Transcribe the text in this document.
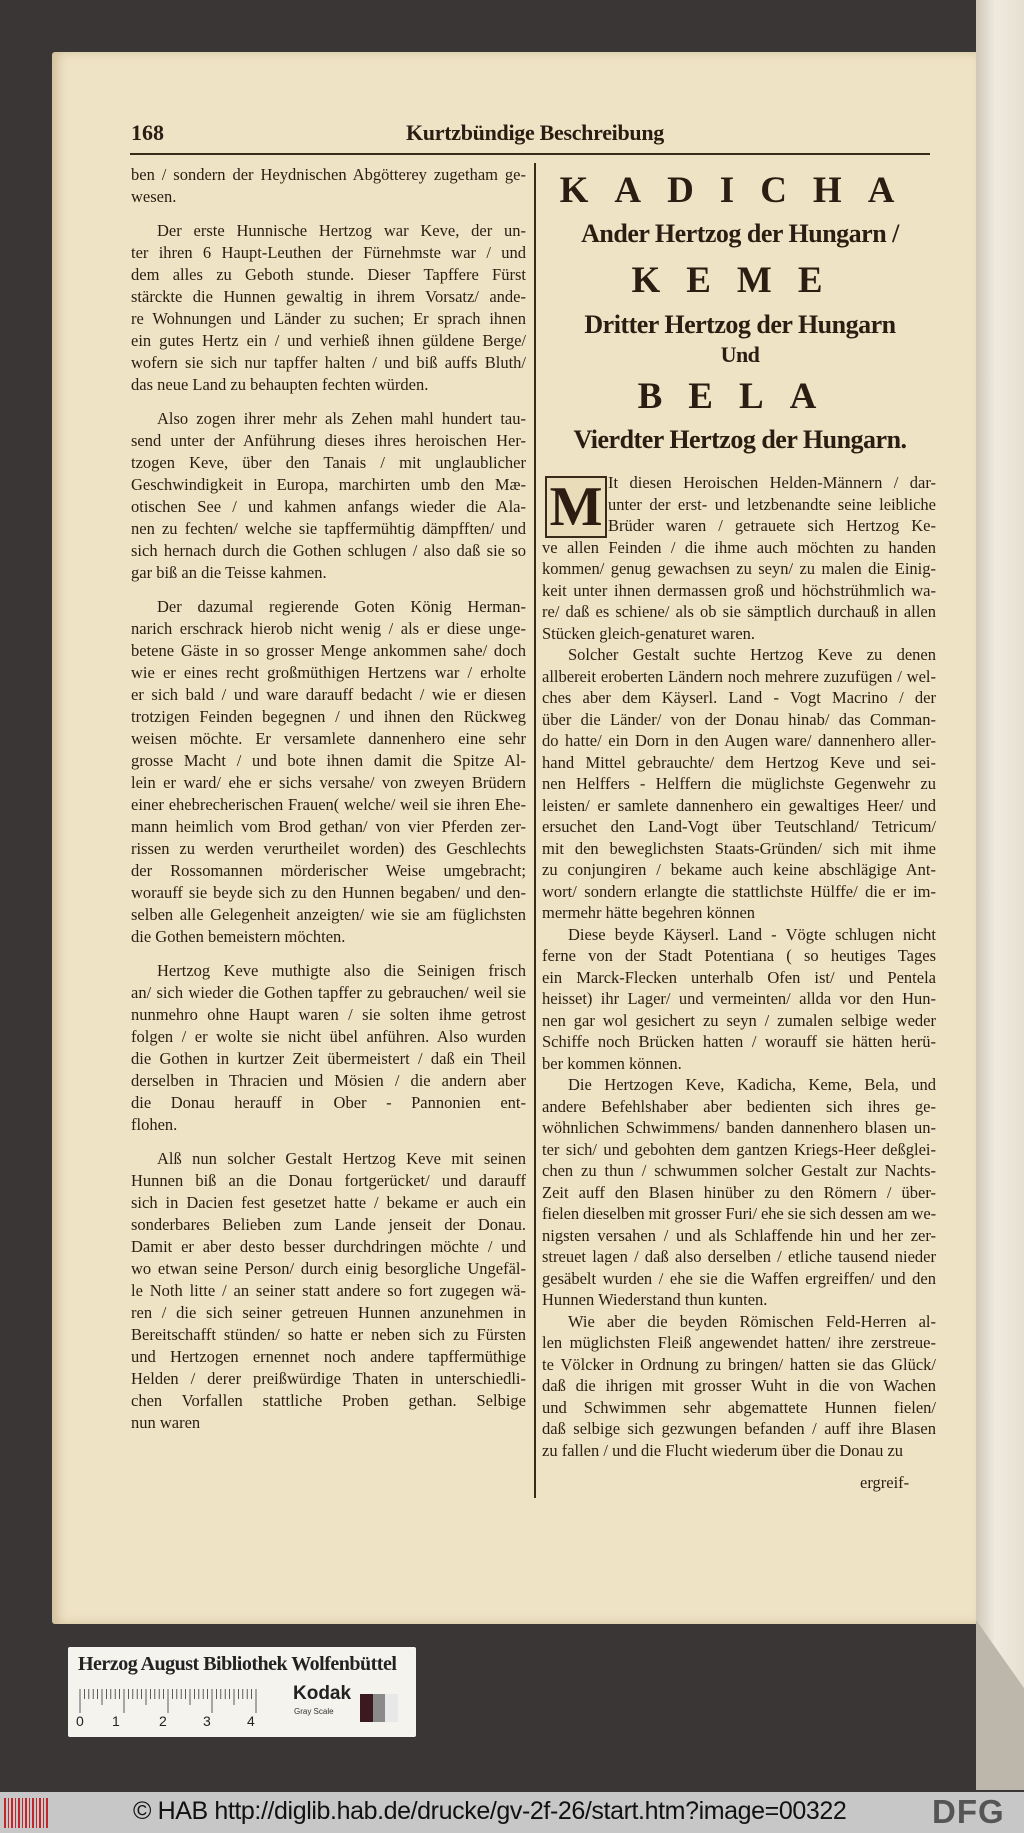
168	Kurtzbündige Beschreibung
ben / sondern der Heydnischen Abgötterey zugetham ge-
wesen.
Der erste Hunnische Hertzog war Keve, der un-
ter ihren 6 Haupt-Leuthen der Fürnehmste war / und
dem alles zu Geboth stunde. Dieser Tapffere Fürst
stärckte die Hunnen gewaltig in ihrem Vorsatz/ ande-
re Wohnungen und Länder zu suchen; Er sprach ihnen
ein gutes Hertz ein / und verhieß ihnen güldene Berge/
wofern sie sich nur tapffer halten / und biß auffs Bluth/
das neue Land zu behaupten fechten würden.
Also zogen ihrer mehr als Zehen mahl hundert tau-
send unter der Anführung dieses ihres heroischen Her-
tzogen Keve, über den Tanais / mit unglaublicher
Geschwindigkeit in Europa, marchirten umb den Mæ-
otischen See / und kahmen anfangs wieder die Ala-
nen zu fechten/ welche sie tapffermühtig dämpfften/ und
sich hernach durch die Gothen schlugen / also daß sie so
gar biß an die Teisse kahmen.
Der dazumal regierende Goten König Herman-
narich erschrack hierob nicht wenig / als er diese unge-
betene Gäste in so grosser Menge ankommen sahe/ doch
wie er eines recht großmüthigen Hertzens war / erholte
er sich bald / und ware darauff bedacht / wie er diesen
trotzigen Feinden begegnen / und ihnen den Rückweg
weisen möchte. Er versamlete dannenhero eine sehr
grosse Macht / und bote ihnen damit die Spitze Al-
lein er ward/ ehe er sichs versahe/ von zweyen Brüdern
einer ehebrecherischen Frauen( welche/ weil sie ihren Ehe-
mann heimlich vom Brod gethan/ von vier Pferden zer-
rissen zu werden verurtheilet worden) des Geschlechts
der Rossomannen mörderischer Weise umgebracht;
worauff sie beyde sich zu den Hunnen begaben/ und den-
selben alle Gelegenheit anzeigten/ wie sie am füglichsten
die Gothen bemeistern möchten.
Hertzog Keve muthigte also die Seinigen frisch
an/ sich wieder die Gothen tapffer zu gebrauchen/ weil sie
nunmehro ohne Haupt waren / sie solten ihme getrost
folgen / er wolte sie nicht übel anführen. Also wurden
die Gothen in kurtzer Zeit übermeistert / daß ein Theil
derselben in Thracien und Mösien / die andern aber
die Donau herauff in Ober - Pannonien ent-
flohen.
Alß nun solcher Gestalt Hertzog Keve mit seinen
Hunnen biß an die Donau fortgerücket/ und darauff
sich in Dacien fest gesetzet hatte / bekame er auch ein
sonderbares Belieben zum Lande jenseit der Donau.
Damit er aber desto besser durchdringen möchte / und
wo etwan seine Person/ durch einig besorgliche Ungefäl-
le Noth litte / an seiner statt andere so fort zugegen wä-
ren / die sich seiner getreuen Hunnen anzunehmen in
Bereitschafft stünden/ so hatte er neben sich zu Fürsten
und Hertzogen ernennet noch andere tapffermüthige
Helden / derer preißwürdige Thaten in unterschiedli-
chen Vorfallen stattliche Proben gethan. Selbige
nun waren
KADICHA
Ander Hertzog der Hungarn /
KEME
Dritter Hertzog der Hungarn
Und
BELA
Vierdter Hertzog der Hungarn.
M It diesen Heroischen Helden-Männern / dar-
unter der erst- und letzbenandte seine leibliche
Brüder waren / getrauete sich Hertzog Ke-
ve allen Feinden / die ihme auch möchten zu handen
kommen/ genug gewachsen zu seyn/ zu malen die Einig-
keit unter ihnen dermassen groß und höchstrühmlich wa-
re/ daß es schiene/ als ob sie sämptlich durchauß in allen
Stücken gleich-genaturet waren.
Solcher Gestalt suchte Hertzog Keve zu denen
allbereit eroberten Ländern noch mehrere zuzufügen / wel-
ches aber dem Käyserl. Land - Vogt Macrino / der
über die Länder/ von der Donau hinab/ das Comman-
do hatte/ ein Dorn in den Augen ware/ dannenhero aller-
hand Mittel gebrauchte/ dem Hertzog Keve und sei-
nen Helffers - Helffern die müglichste Gegenwehr zu
leisten/ er samlete dannenhero ein gewaltiges Heer/ und
ersuchet den Land-Vogt über Teutschland/ Tetricum/
mit den beweglichsten Staats-Gründen/ sich mit ihme
zu conjungiren / bekame auch keine abschlägige Ant-
wort/ sondern erlangte die stattlichste Hülffe/ die er im-
mermehr hätte begehren können
Diese beyde Käyserl. Land - Vögte schlugen nicht
ferne von der Stadt Potentiana ( so heutiges Tages
ein Marck-Flecken unterhalb Ofen ist/ und Pentela
heisset) ihr Lager/ und vermeinten/ allda vor den Hun-
nen gar wol gesichert zu seyn / zumalen selbige weder
Schiffe noch Brücken hatten / worauff sie hätten herü-
ber kommen können.
Die Hertzogen Keve, Kadicha, Keme, Bela, und
andere Befehlshaber aber bedienten sich ihres ge-
wöhnlichen Schwimmens/ banden dannenhero blasen un-
ter sich/ und gebohten dem gantzen Kriegs-Heer deßglei-
chen zu thun / schwummen solcher Gestalt zur Nachts-
Zeit auff den Blasen hinüber zu den Römern / über-
fielen dieselben mit grosser Furi/ ehe sie sich dessen am we-
nigsten versahen / und als Schlaffende hin und her zer-
streuet lagen / daß also derselben / etliche tausend nieder
gesäbelt wurden / ehe sie die Waffen ergreiffen/ und den
Hunnen Wiederstand thun kunten.
Wie aber die beyden Römischen Feld-Herren al-
len müglichsten Fleiß angewendet hatten/ ihre zerstreue-
te Völcker in Ordnung zu bringen/ hatten sie das Glück/
daß die ihrigen mit grosser Wuht in die von Wachen
und Schwimmen sehr abgemattete Hunnen fielen/
daß selbige sich gezwungen befanden / auff ihre Blasen
zu fallen / und die Flucht wiederum über die Donau zu
ergreif-
Herzog August Bibliothek Wolfenbüttel
0 1	2	3	4
Kodak
Gray Scale
© HAB http://diglib.hab.de/drucke/gv-2f-26/start.htm?image=00322	DFG
